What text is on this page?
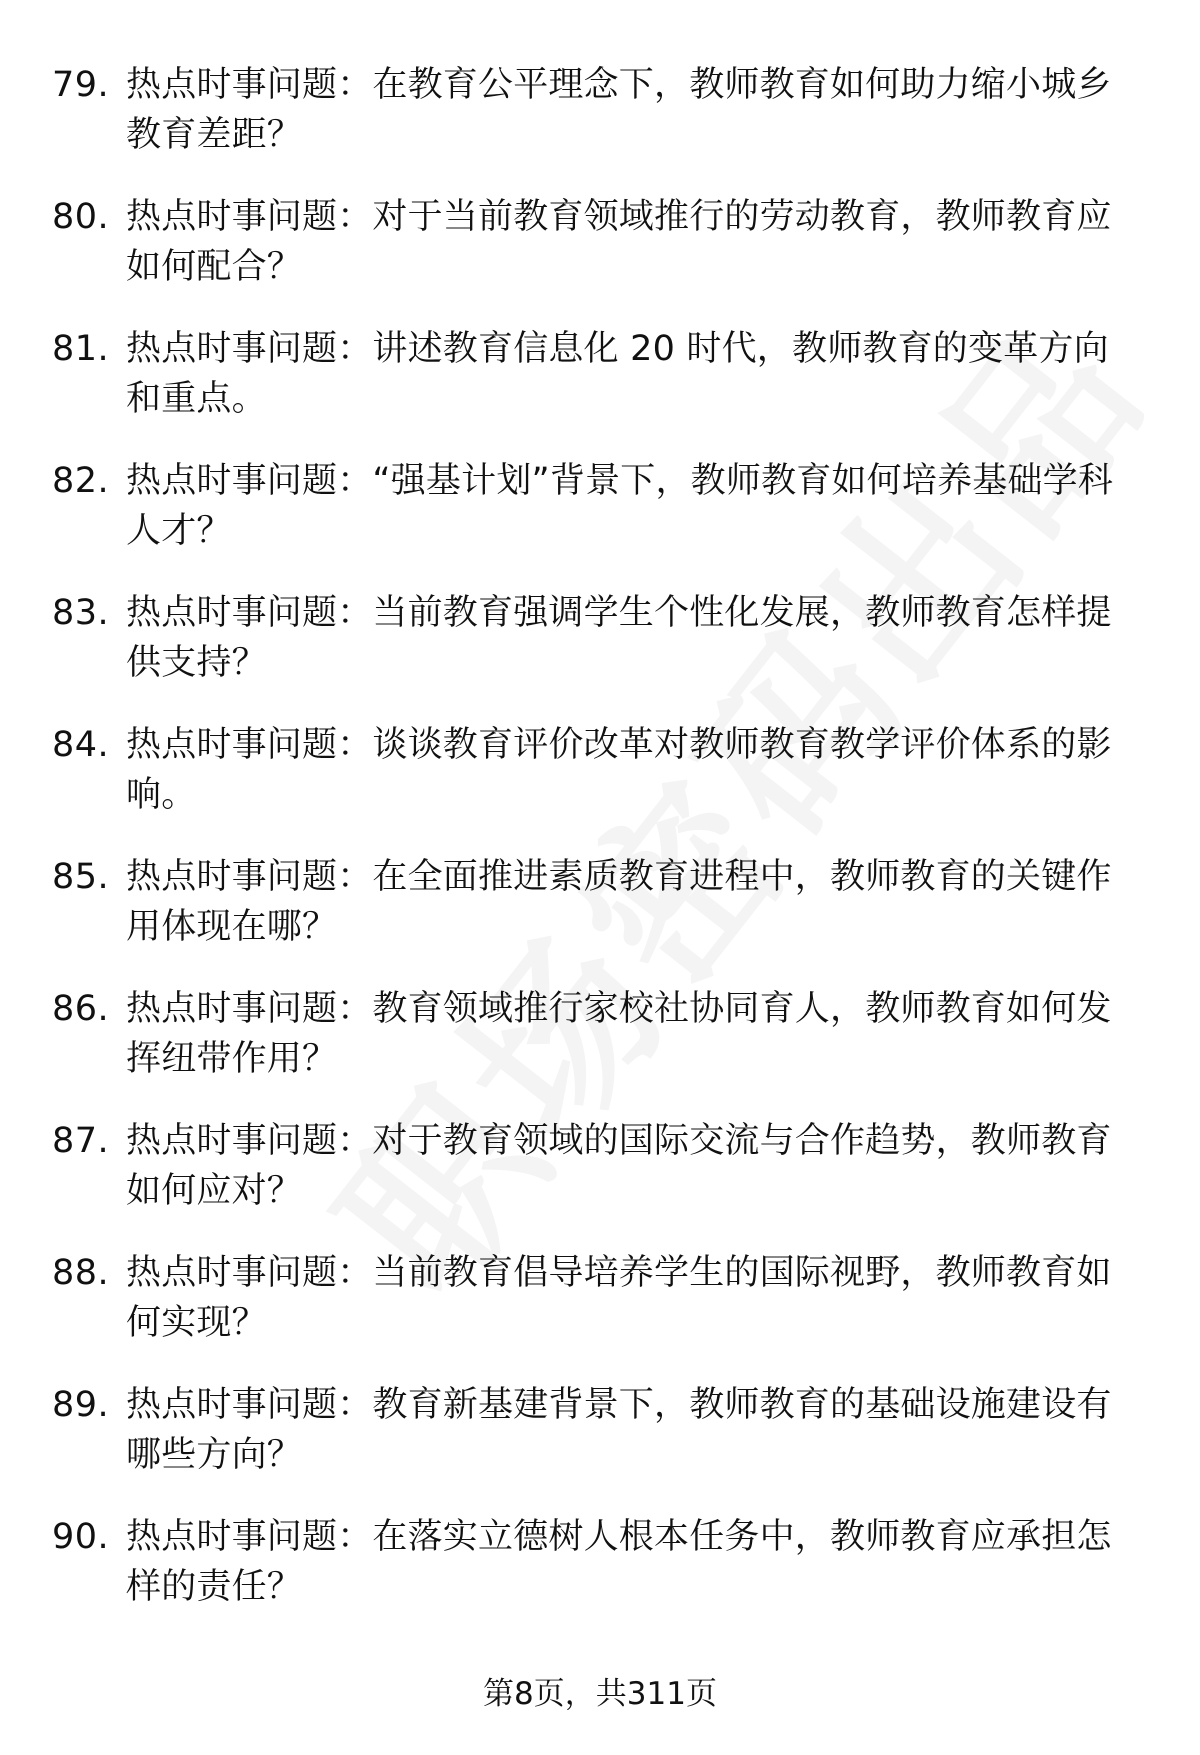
79. 热点时事问题：在教育公平理念下，教师教育如何助力缩小城乡教育差距？
80. 热点时事问题：对于当前教育领域推行的劳动教育，教师教育应如何配合？
81. 热点时事问题：讲述教育信息化 20 时代，教师教育的变革方向和重点。
82. 热点时事问题：“强基计划”背景下，教师教育如何培养基础学科人才？
83. 热点时事问题：当前教育强调学生个性化发展，教师教育怎样提供支持？
84. 热点时事问题：谈谈教育评价改革对教师教育教学评价体系的影响。
85. 热点时事问题：在全面推进素质教育进程中，教师教育的关键作用体现在哪？
86. 热点时事问题：教育领域推行家校社协同育人，教师教育如何发挥纽带作用？
87. 热点时事问题：对于教育领域的国际交流与合作趋势，教师教育如何应对？
88. 热点时事问题：当前教育倡导培养学生的国际视野，教师教育如何实现？
89. 热点时事问题：教育新基建背景下，教师教育的基础设施建设有哪些方向？
90. 热点时事问题：在落实立德树人根本任务中，教师教育应承担怎样的责任？
第8页，共311页
